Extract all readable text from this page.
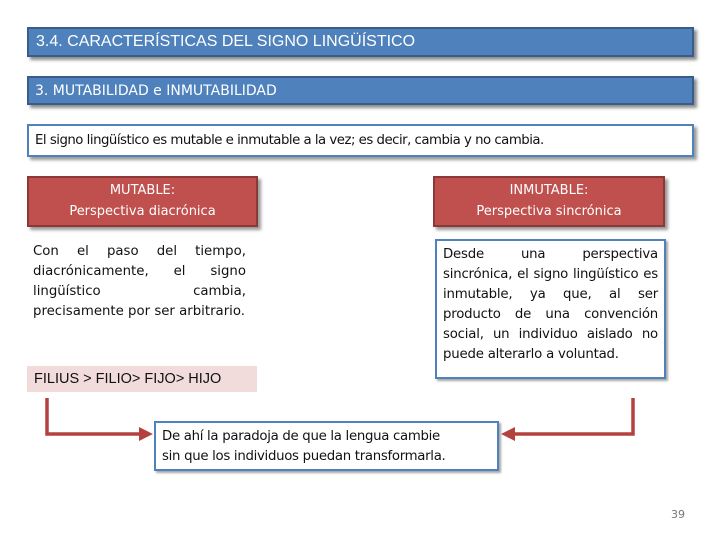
3.4. CARACTERÍSTICAS DEL SIGNO LINGÜÍSTICO
3. MUTABILIDAD e INMUTABILIDAD
El signo lingüístico es mutable e inmutable a la vez; es decir, cambia y no cambia.
MUTABLE:
Perspectiva diacrónica
INMUTABLE:
Perspectiva sincrónica
Con el paso del tiempo, diacrónicamente, el signo lingüístico cambia, precisamente por ser arbitrario.
Desde una perspectiva sincrónica, el signo lingüístico es inmutable, ya que, al ser producto de una convención social, un individuo aislado no puede alterarlo a voluntad.
FILIUS > FILIO> FIJO> HIJO
De ahí la paradoja de que la lengua cambie
sin que los individuos puedan transformarla.
39
